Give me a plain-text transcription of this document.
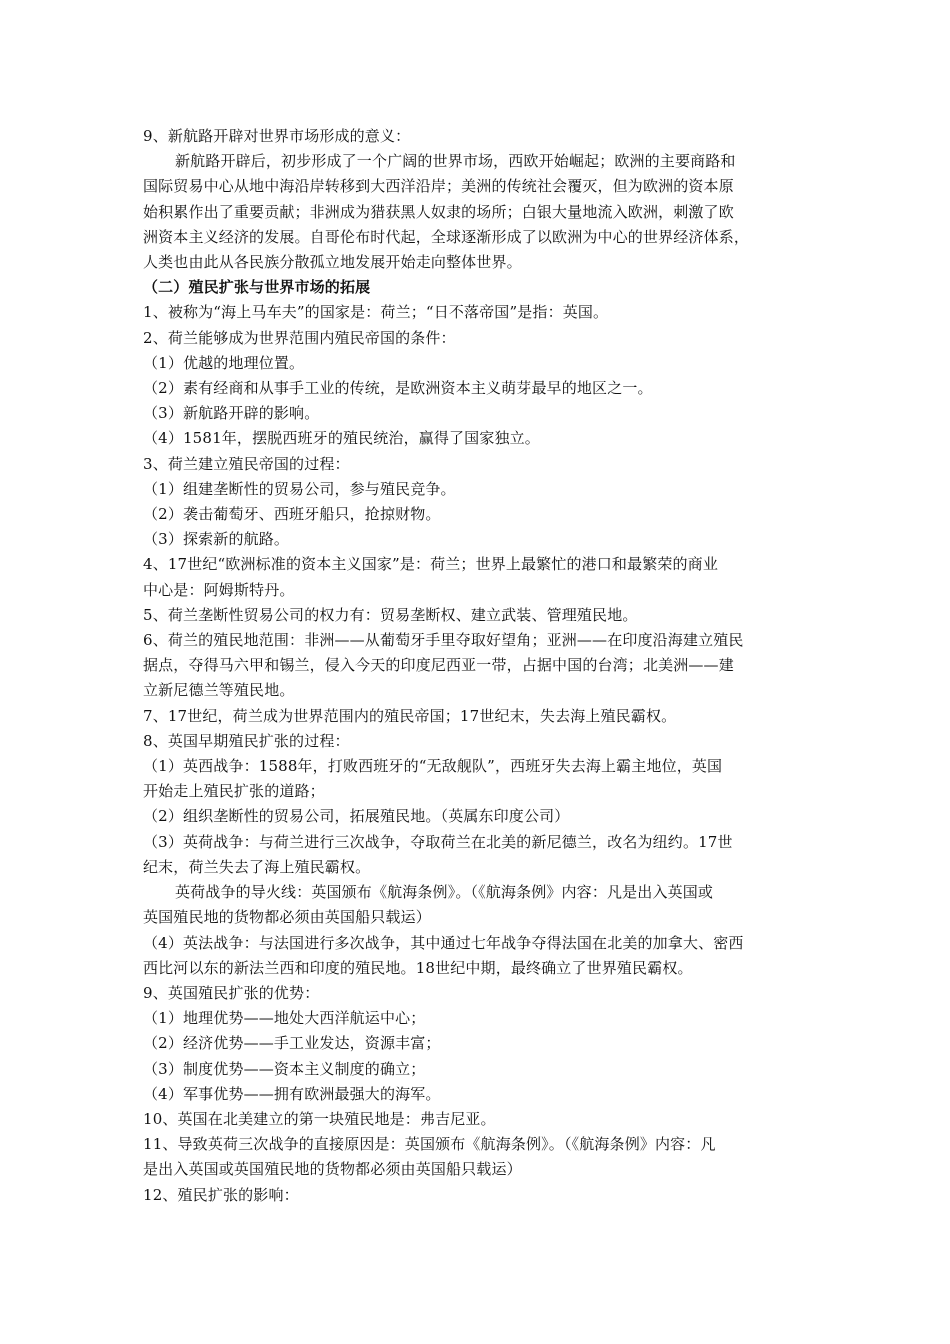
9、新航路开辟对世界市场形成的意义：
新航路开辟后，初步形成了一个广阔的世界市场，西欧开始崛起；欧洲的主要商路和
国际贸易中心从地中海沿岸转移到大西洋沿岸；美洲的传统社会覆灭，但为欧洲的资本原
始积累作出了重要贡献；非洲成为猎获黑人奴隶的场所；白银大量地流入欧洲，刺激了欧
洲资本主义经济的发展。自哥伦布时代起，全球逐渐形成了以欧洲为中心的世界经济体系，
人类也由此从各民族分散孤立地发展开始走向整体世界。
（二）殖民扩张与世界市场的拓展
1、被称为“海上马车夫”的国家是：荷兰；“日不落帝国”是指：英国。
2、荷兰能够成为世界范围内殖民帝国的条件：
（1）优越的地理位置。
（2）素有经商和从事手工业的传统，是欧洲资本主义萌芽最早的地区之一。
（3）新航路开辟的影响。
（4）1581年，摆脱西班牙的殖民统治，赢得了国家独立。
3、荷兰建立殖民帝国的过程：
（1）组建垄断性的贸易公司，参与殖民竞争。
（2）袭击葡萄牙、西班牙船只，抢掠财物。
（3）探索新的航路。
4、17世纪“欧洲标准的资本主义国家”是：荷兰；世界上最繁忙的港口和最繁荣的商业
中心是：阿姆斯特丹。
5、荷兰垄断性贸易公司的权力有：贸易垄断权、建立武装、管理殖民地。
6、荷兰的殖民地范围：非洲——从葡萄牙手里夺取好望角；亚洲——在印度沿海建立殖民
据点，夺得马六甲和锡兰，侵入今天的印度尼西亚一带，占据中国的台湾；北美洲——建
立新尼德兰等殖民地。
7、17世纪，荷兰成为世界范围内的殖民帝国；17世纪末，失去海上殖民霸权。
8、英国早期殖民扩张的过程：
（1）英西战争：1588年，打败西班牙的“无敌舰队”，西班牙失去海上霸主地位，英国
开始走上殖民扩张的道路；
（2）组织垄断性的贸易公司，拓展殖民地。（英属东印度公司）
（3）英荷战争：与荷兰进行三次战争，夺取荷兰在北美的新尼德兰，改名为纽约。17世
纪末，荷兰失去了海上殖民霸权。
英荷战争的导火线：英国颁布《航海条例》。（《航海条例》内容：凡是出入英国或
英国殖民地的货物都必须由英国船只载运）
（4）英法战争：与法国进行多次战争，其中通过七年战争夺得法国在北美的加拿大、密西
西比河以东的新法兰西和印度的殖民地。18世纪中期，最终确立了世界殖民霸权。
9、英国殖民扩张的优势：
（1）地理优势——地处大西洋航运中心；
（2）经济优势——手工业发达，资源丰富；
（3）制度优势——资本主义制度的确立；
（4）军事优势——拥有欧洲最强大的海军。
10、英国在北美建立的第一块殖民地是：弗吉尼亚。
11、导致英荷三次战争的直接原因是：英国颁布《航海条例》。（《航海条例》内容：凡
是出入英国或英国殖民地的货物都必须由英国船只载运）
12、殖民扩张的影响：
